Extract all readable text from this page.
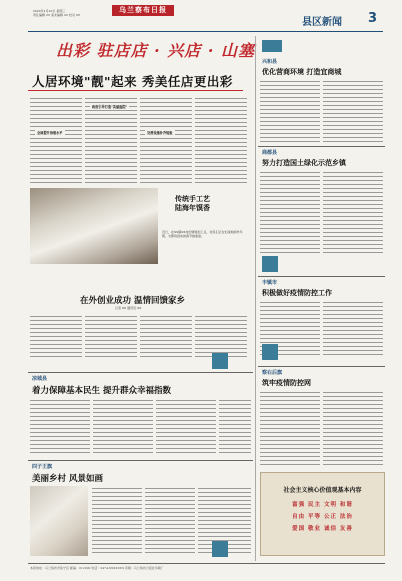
2024年1月10日 星期三
责任编辑 XX 美术编辑 XX 校对 XX
乌兰察布日报
县区新闻 3
出彩 驻店店 · 兴店 · 山塞
人居环境"靓"起来 秀美任店更出彩
政府引导打造"美丽庭院"
全面提升治理水平	完善设施补齐短板
传统手工艺
陆海年馍香
近日，在XX镇XX村的馍馍加工点，村民们正在忙碌地制作年馍，为即将到来的春节做准备。
在外创业成功 温情回馈家乡
记者 XX 通讯员 XX
凉城县
着力保障基本民生 提升群众幸福指数
四子王旗
美丽乡村 风景如画
兴和县
优化营商环境 打造宜商城
商都县
努力打造国土绿化示范乡镇
丰镇市
积极做好疫情防控工作
察右后旗
筑牢疫情防控网
社会主义核心价值观基本内容
富强 民主 文明 和谐
自由 平等 公正 法治
爱国 敬业 诚信 友善
本报地址：乌兰察布市集宁区 邮编：012000 电话：0474-XXXXXXX 印刷：乌兰察布日报社印刷厂
